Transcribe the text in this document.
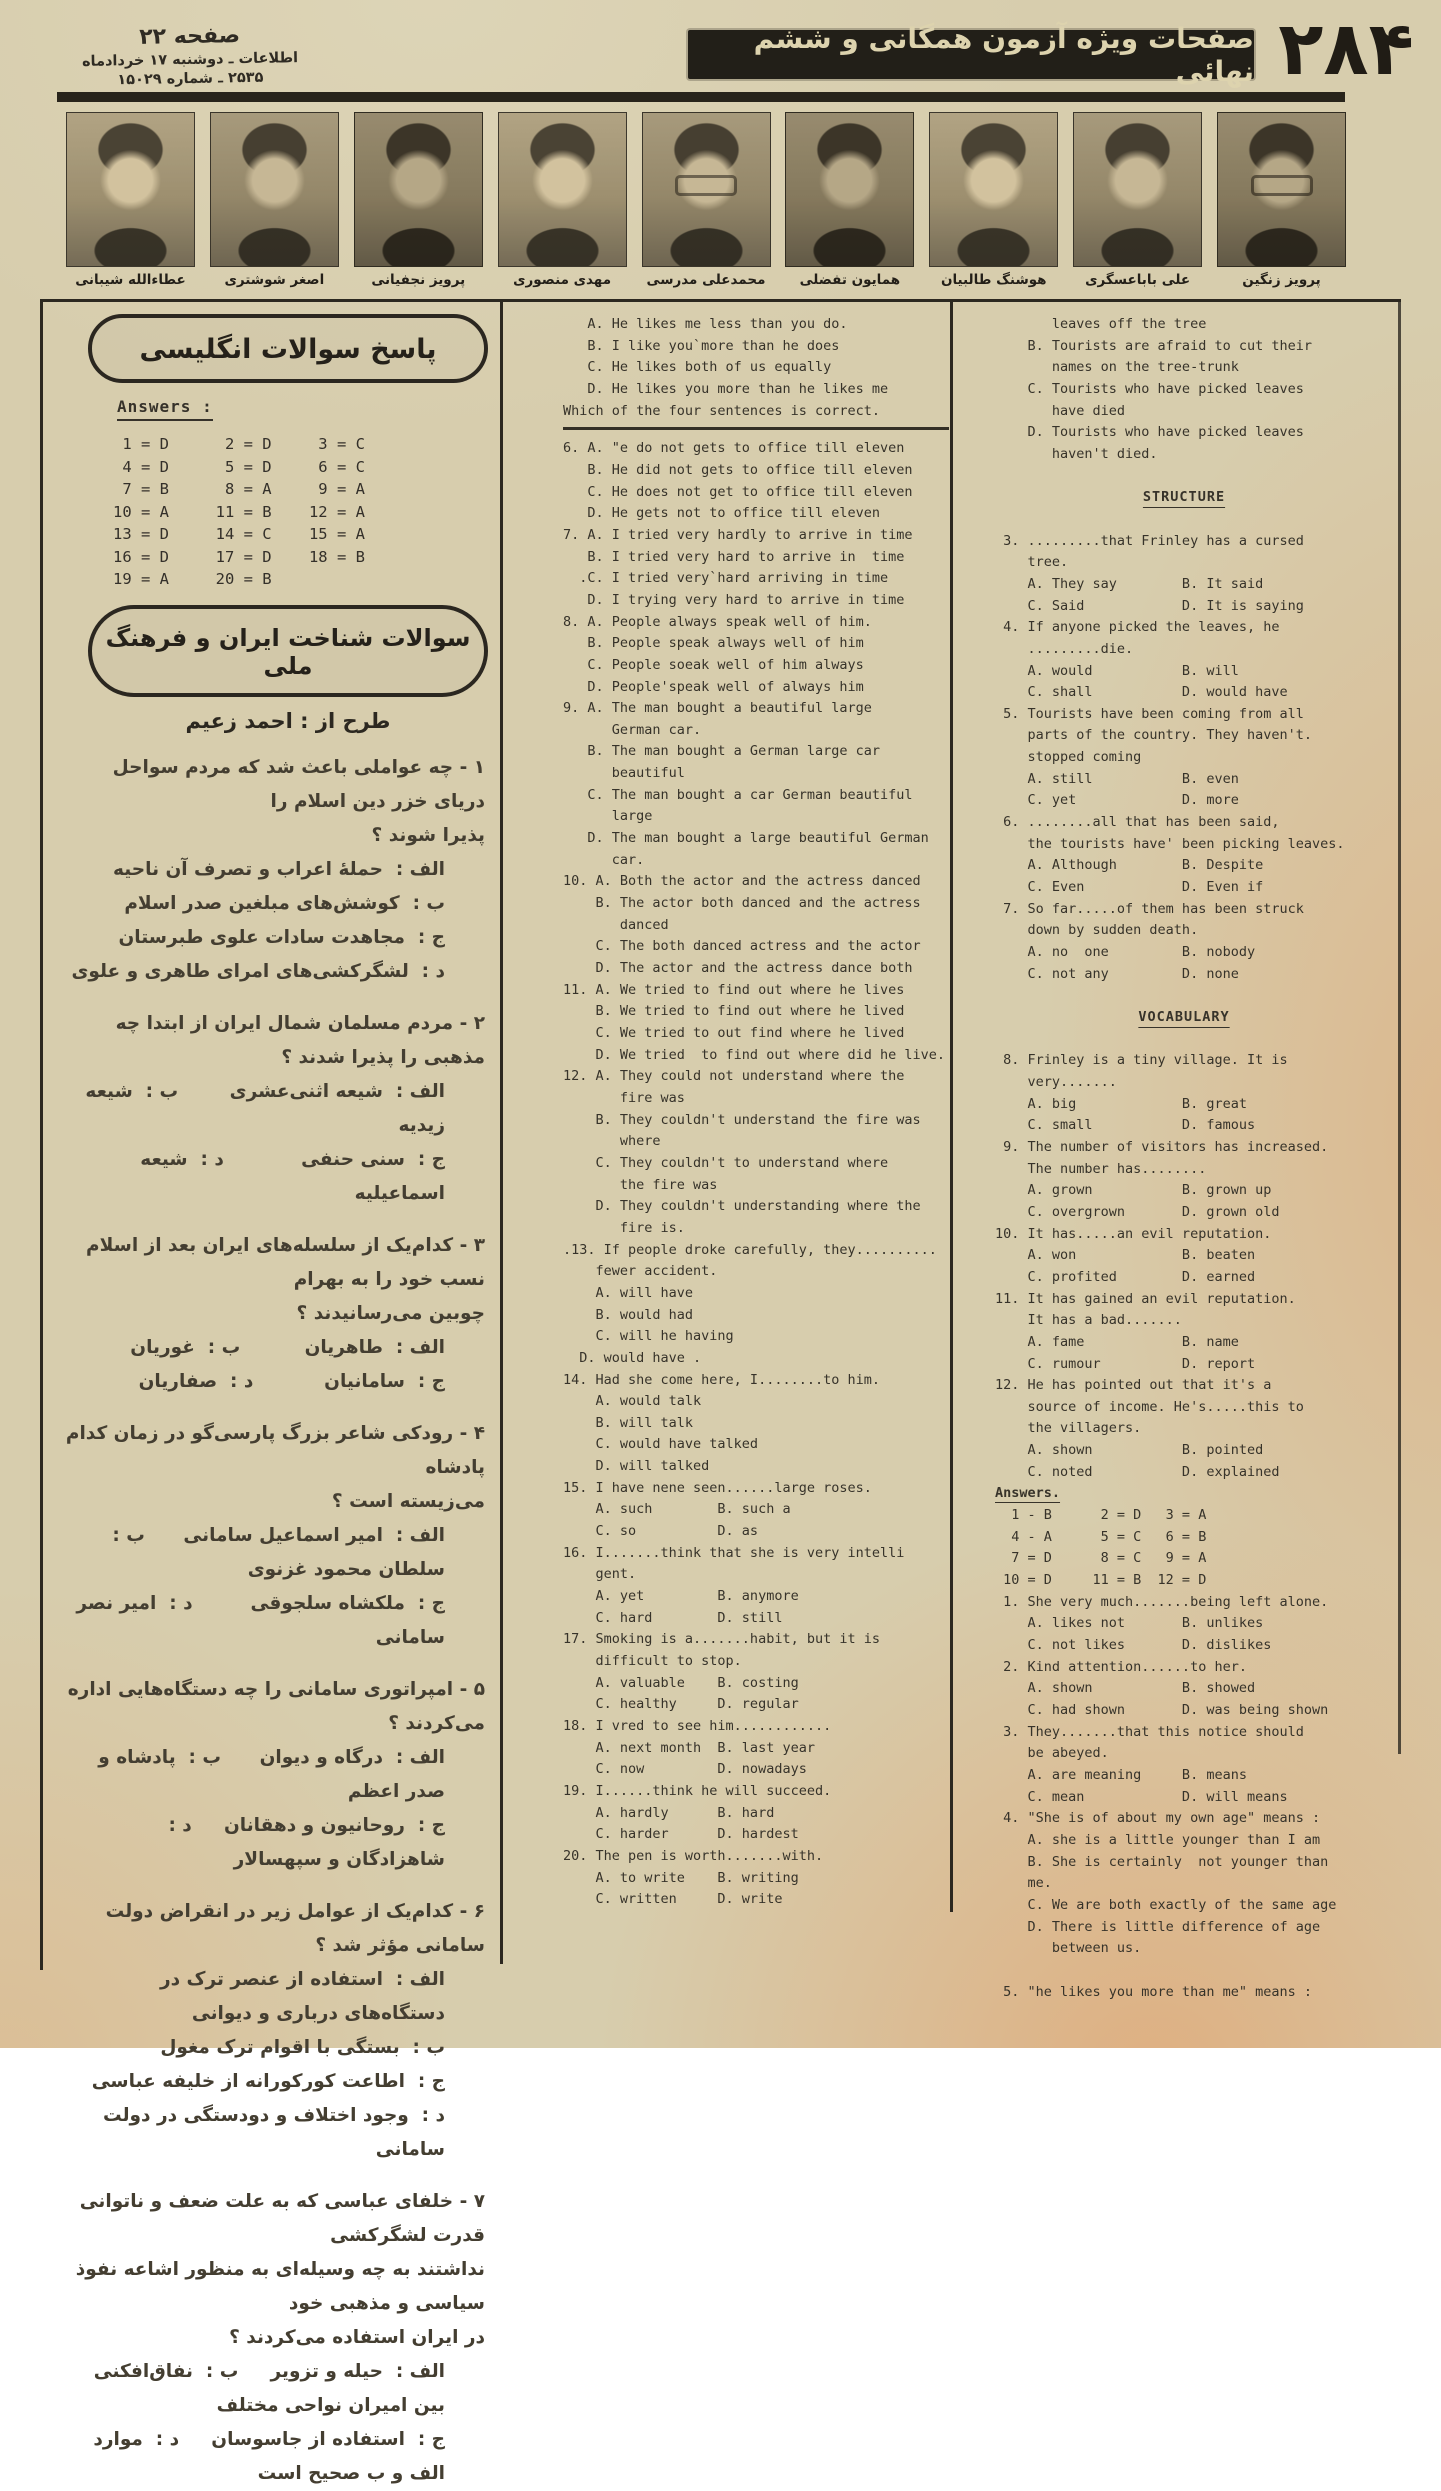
صفحه ۲۲
اطلاعات ـ دوشنبه ۱۷ خردادماه
۲۵۳۵ ـ شماره ۱۵۰۲۹
صفحات ویژه آزمون همگانی و ششم نهائی ۲۸۴
عطاءالله شیبانی	اصغر شوشتری	پرویز نجفیانی	مهدی منصوری	محمدعلی مدرسی	همایون تفضلی	هوشنگ طالبیان	علی باباعسگری	پرویز زنگین
پاسخ سوالات انگلیسی
Answers :
1 = D      2 = D     3 = C
4 = D      5 = D     6 = C
7 = B      8 = A     9 = A
10 = A     11 = B    12 = A
13 = D     14 = C    15 = A
16 = D     17 = D    18 = B
19 = A     20 = B
سوالات شناخت ایران و فرهنگ ملی
طرح از : احمد زعیم
۱ - چه عواملی باعث شد که مردم سواحل دریای خزر دین اسلام را
پذیرا شوند ؟
الف :  حملهٔ اعراب و تصرف آن ناحیه
ب :  کوشش‌های مبلغین صدر اسلام
ج :  مجاهدت سادات علوی طبرستان
د :  لشگرکشی‌های امرای طاهری و علوی
۲ - مردم مسلمان شمال ایران از ابتدا چه مذهبی را پذیرا شدند ؟
الف :  شیعه اثنی‌عشری        ب :  شیعه زیدیه
ج :  سنی حنفی            د :  شیعه اسماعیلیه
۳ - کدام‌یک از سلسله‌های ایران بعد از اسلام نسب خود را به بهرام
چوبین می‌رسانیدند ؟
الف :  طاهریان          ب :  غوریان
ج :  سامانیان           د :  صفاریان
۴ - رودکی شاعر بزرگ پارسی‌گو در زمان کدام پادشاه
می‌زیسته است ؟
الف :  امیر اسماعیل سامانی      ب :  سلطان محمود غزنوی
ج :  ملکشاه سلجوقی         د :  امیر نصر سامانی
۵ - امپراتوری سامانی را چه دستگاه‌هایی اداره می‌کردند ؟
الف :  درگاه و دیوان      ب :  پادشاه و صدر اعظم
ج :  روحانیون و دهقانان     د :  شاهزادگان و سپهسالار
۶ - کدام‌یک از عوامل زیر در انقراض دولت سامانی مؤثر شد ؟
الف :  استفاده از عنصر ترک در دستگاه‌های درباری و دیوانی
ب :  بستگی با اقوام ترک مغول
ج :  اطاعت کورکورانه از خلیفه عباسی
د :  وجود اختلاف و دودستگی در دولت سامانی
۷ - خلفای عباسی که به علت ضعف و ناتوانی قدرت لشگرکشی
نداشتند به چه وسیله‌ای به منظور اشاعه نفوذ سیاسی و مذهبی خود
در ایران استفاده می‌کردند ؟
الف :  حیله و تزویر     ب :  نفاق‌افکنی بین امیران نواحی مختلف
ج :  استفاده از جاسوسان     د :  موارد الف و ب صحیح است
A. He likes me less than you do.
B. I like you`more than he does
C. He likes both of us equally
D. He likes you more than he likes me
Which of the four sentences is correct.
6. A. "e do not gets to office till eleven
B. He did not gets to office till eleven
C. He does not get to office till eleven
D. He gets not to office till eleven
7. A. I tried very hardly to arrive in time
B. I tried very hard to arrive in  time
.C. I tried very`hard arriving in time
D. I trying very hard to arrive in time
8. A. People always speak well of him.
B. People speak always well of him
C. People soeak well of him always
D. People'speak well of always him
9. A. The man bought a beautiful large
German car.
B. The man bought a German large car
beautiful
C. The man bought a car German beautiful
large
D. The man bought a large beautiful German
car.
10. A. Both the actor and the actress danced
B. The actor both danced and the actress
danced
C. The both danced actress and the actor
D. The actor and the actress dance both
11. A. We tried to find out where he lives
B. We tried to find out where he lived
C. We tried to out find where he lived
D. We tried  to find out where did he live.
12. A. They could not understand where the
fire was
B. They couldn't understand the fire was
where
C. They couldn't to understand where
the fire was
D. They couldn't understanding where the
fire is.
.13. If people droke carefully, they..........
fewer accident.
A. will have
B. would had
C. will he having
D. would have .
14. Had she come here, I........to him.
A. would talk
B. will talk
C. would have talked
D. will talked
15. I have nene seen......large roses.
A. such        B. such a
C. so          D. as
16. I.......think that she is very intelli
gent.
A. yet         B. anymore
C. hard        D. still
17. Smoking is a.......habit, but it is
difficult to stop.
A. valuable    B. costing
C. healthy     D. regular
18. I vred to see him............
A. next month  B. last year
C. now         D. nowadays
19. I......think he will succeed.
A. hardly      B. hard
C. harder      D. hardest
20. The pen is worth.......with.
A. to write    B. writing
C. written     D. write
leaves off the tree
B. Tourists are afraid to cut their
names on the tree-trunk
C. Tourists who have picked leaves
have died
D. Tourists who have picked leaves
haven't died.

STRUCTURE

3. .........that Frinley has a cursed
tree.
A. They say        B. It said
C. Said            D. It is saying
4. If anyone picked the leaves, he
.........die.
A. would           B. will
C. shall           D. would have
5. Tourists have been coming from all
parts of the country. They haven't.
stopped coming
A. still           B. even
C. yet             D. more
6. ........all that has been said,
the tourists have' been picking leaves.
A. Although        B. Despite
C. Even            D. Even if
7. So far.....of them has been struck
down by sudden death.
A. no  one         B. nobody
C. not any         D. none

VOCABULARY

8. Frinley is a tiny village. It is
very.......
A. big             B. great
C. small           D. famous
9. The number of visitors has increased.
The number has........
A. grown           B. grown up
C. overgrown       D. grown old
10. It has.....an evil reputation.
A. won             B. beaten
C. profited        D. earned
11. It has gained an evil reputation.
It has a bad.......
A. fame            B. name
C. rumour          D. report
12. He has pointed out that it's a
source of income. He's.....this to
the villagers.
A. shown           B. pointed
C. noted           D. explained
Answers.
1 - B      2 = D   3 = A
4 - A      5 = C   6 = B
7 = D      8 = C   9 = A
10 = D     11 = B  12 = D
1. She very much.......being left alone.
A. likes not       B. unlikes
C. not likes       D. dislikes
2. Kind attention......to her.
A. shown           B. showed
C. had shown       D. was being shown
3. They.......that this notice should
be abeyed.
A. are meaning     B. means
C. mean            D. will means
4. "She is of about my own age" means :
A. she is a little younger than I am
B. She is certainly  not younger than
me.
C. We are both exactly of the same age
D. There is little difference of age
between us.

5. "he likes you more than me" means :
